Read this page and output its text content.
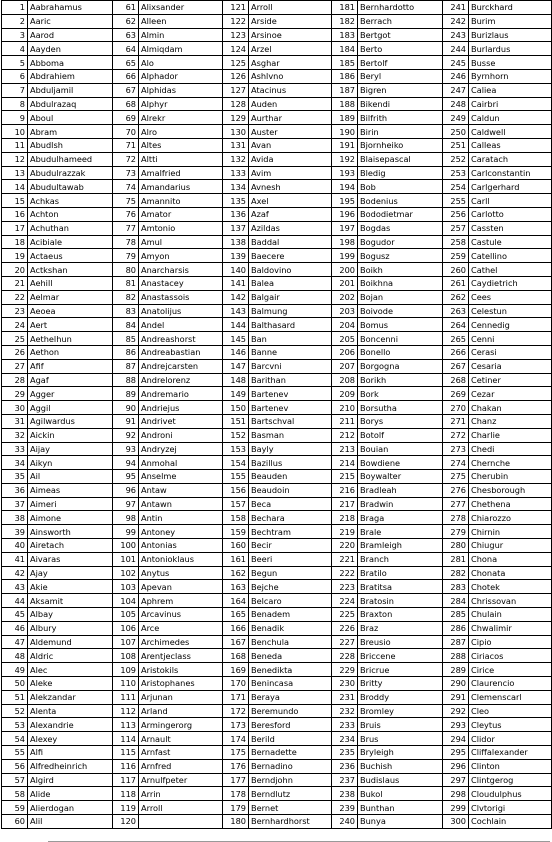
1	Aabrahamus	61	Alixsander	121	Arroll	181	Bernhardotto	241	Burckhard
2	Aaric	62	Alleen	122	Arside	182	Berrach	242	Burim
3	Aarod	63	Almin	123	Arsinoe	183	Bertgot	243	Burizlaus
4	Aayden	64	Almiqdam	124	Arzel	184	Berto	244	Burlardus
5	Abboma	65	Alo	125	Asghar	185	Bertolf	245	Busse
6	Abdrahiem	66	Alphador	126	Ashlvno	186	Beryl	246	Byrnhorn
7	Abduljamil	67	Alphidas	127	Atacinus	187	Bigren	247	Caliea
8	Abdulrazaq	68	Alphyr	128	Auden	188	Bikendi	248	Cairbri
9	Aboul	69	Alrekr	129	Aurthar	189	Bilfrith	249	Caldun
10	Abram	70	Alro	130	Auster	190	Birin	250	Caldwell
11	Abudlsh	71	Altes	131	Avan	191	Bjornheiko	251	Calleas
12	Abudulhameed	72	Altti	132	Avida	192	Blaisepascal	252	Caratach
13	Abudulrazzak	73	Amalfried	133	Avim	193	Bledig	253	Carlconstantin
14	Abudultawab	74	Amandarius	134	Avnesh	194	Bob	254	Carlgerhard
15	Achkas	75	Amannito	135	Axel	195	Bodenius	255	Carll
16	Achton	76	Amator	136	Azaf	196	Bododietmar	256	Carlotto
17	Achuthan	77	Amtonio	137	Azildas	197	Bogdas	257	Cassten
18	Acibiale	78	Amul	138	Baddal	198	Bogudor	258	Castule
19	Actaeus	79	Amyon	139	Baecere	199	Bogusz	259	Catellino
20	Actkshan	80	Anarcharsis	140	Baldovino	200	Boikh	260	Cathel
21	Aehill	81	Anastacey	141	Balea	201	Boikhna	261	Caydietrich
22	Aelmar	82	Anastassois	142	Balgair	202	Bojan	262	Cees
23	Aeoea	83	Anatolijus	143	Balmung	203	Boivode	263	Celestun
24	Aert	84	Andel	144	Balthasard	204	Bomus	264	Cennedig
25	Aethelhun	85	Andreashorst	145	Ban	205	Boncenni	265	Cenni
26	Aethon	86	Andreabastian	146	Banne	206	Bonello	266	Cerasi
27	Afif	87	Andrejcarsten	147	Barcvni	207	Borgogna	267	Cesaria
28	Agaf	88	Andrelorenz	148	Barithan	208	Borikh	268	Cetiner
29	Agger	89	Andremario	149	Bartenev	209	Bork	269	Cezar
30	Aggil	90	Andriejus	150	Bartenev	210	Borsutha	270	Chakan
31	Agilwardus	91	Andrivet	151	Bartschval	211	Borys	271	Chanz
32	Aickin	92	Androni	152	Basman	212	Botolf	272	Charlie
33	Aijay	93	Andryzej	153	Bayly	213	Bouian	273	Chedi
34	Aikyn	94	Anmohal	154	Bazillus	214	Bowdiene	274	Chernche
35	Ail	95	Anselme	155	Beauden	215	Boywalter	275	Cherubin
36	Aimeas	96	Antaw	156	Beaudoin	216	Bradleah	276	Chesborough
37	Aimeri	97	Antawn	157	Beca	217	Bradwin	277	Chethena
38	Aimone	98	Antin	158	Bechara	218	Braga	278	Chiarozzo
39	Ainsworth	99	Antoney	159	Bechtram	219	Brale	279	Chirnin
40	Airetach	100	Antonias	160	Becir	220	Bramleigh	280	Chiugur
41	Aivaras	101	Antonioklaus	161	Beeri	221	Branch	281	Chona
42	Ajay	102	Anytus	162	Begun	222	Bratilo	282	Chonata
43	Akie	103	Apevan	163	Bejche	223	Bratitsa	283	Chotek
44	Aksamit	104	Aphrem	164	Belcaro	224	Bratosin	284	Chrissovan
45	Albay	105	Arcavinus	165	Benadem	225	Braxton	285	Chulain
46	Albury	106	Arce	166	Benadik	226	Braz	286	Chwalimir
47	Aldemund	107	Archimedes	167	Benchula	227	Breusio	287	Cipio
48	Aldric	108	Arentjeclass	168	Beneda	228	Briccene	288	Ciriacos
49	Alec	109	Aristokils	169	Benedikta	229	Bricrue	289	Cirice
50	Aleke	110	Aristophanes	170	Benincasa	230	Britty	290	Claurencio
51	Alekzandar	111	Arjunan	171	Beraya	231	Broddy	291	Clemenscarl
52	Alenta	112	Arland	172	Beremundo	232	Bromley	292	Cleo
53	Alexandrie	113	Armingerorg	173	Beresford	233	Bruis	293	Cleytus
54	Alexey	114	Arnault	174	Berild	234	Brus	294	Clidor
55	Alfi	115	Arnfast	175	Bernadette	235	Bryleigh	295	Cliffalexander
56	Alfredheinrich	116	Arnfred	176	Bernadino	236	Buchish	296	Clinton
57	Algird	117	Arnulfpeter	177	Berndjohn	237	Budislaus	297	Clintgerog
58	Alide	118	Arrin	178	Berndlutz	238	Bukol	298	Cloudulphus
59	Alierdogan	119	Arroll	179	Bernet	239	Bunthan	299	Clvtorigi
60	Alil	120		180	Bernhardhorst	240	Bunya	300	Cochlain
